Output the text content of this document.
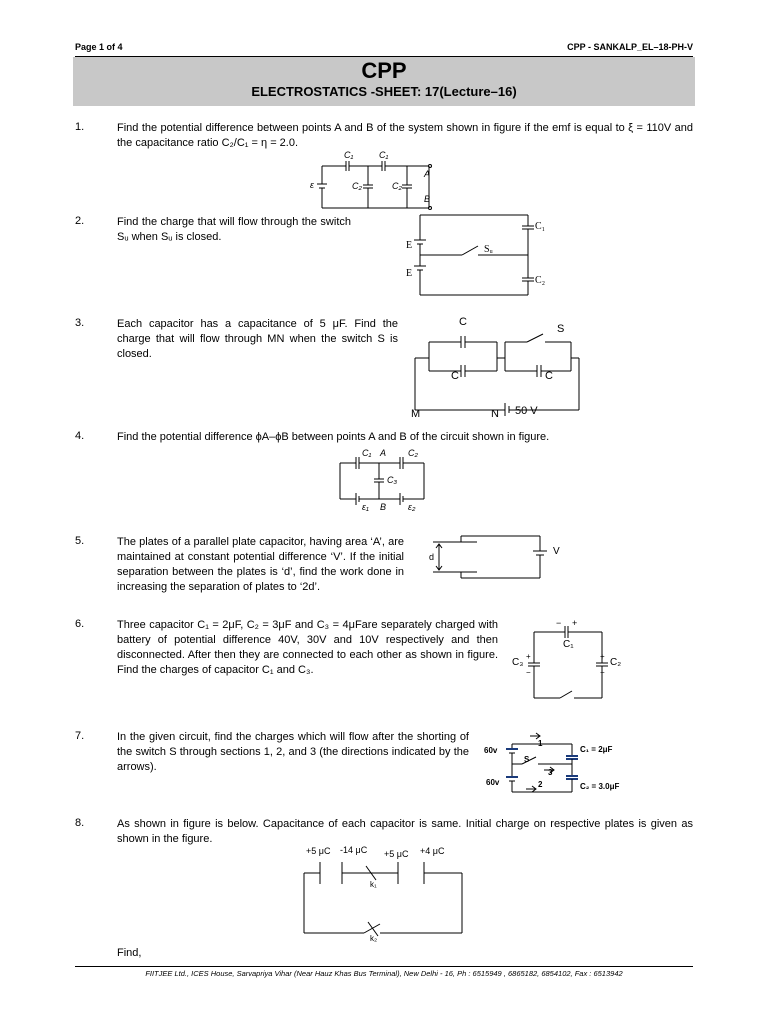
Page 1 of 4	CPP - SANKALP_EL–18-PH-V
CPP
ELECTROSTATICS -SHEET: 17(Lecture–16)
1.	Find the potential difference between points A and B of the system shown in figure if the emf is equal to ξ = 110V and the capacitance ratio C₂/C₁ = η = 2.0.
C₁	C₁
ε	C₂	C₂
A
B
2.	Find the charge that will flow through the switch Sᵤ when Sᵤ is closed.
C₁
C₂
E
E
Sᵤ
3.	Each capacitor has a capacitance of 5 μF. Find the charge that will flow through MN when the switch S is closed.
C
S
C	C
M	N 50 V
4.	Find the potential difference ϕA–ϕB between points A and B of the circuit shown in figure.
C₁ A C₂
C₃
ε₁ B ε₂
5.	The plates of a parallel plate capacitor, having area ‘A’, are maintained at constant potential difference ‘V’. If the initial separation between the plates is ‘d’, find the work done in increasing the separation of plates to ‘2d’.
d	V
6.	Three capacitor C₁ = 2μF, C₂ = 3μF and C₃ = 4μFare separately charged with battery of potential difference 40V, 30V and 10V respectively and then disconnected. After then they are connected to each other as shown in figure. Find the charges of capacitor C₁ and C₃.
− +
C₁
C₃	C₂
+
−
+
−
7.	In the given circuit, find the charges which will flow after the shorting of the switch S through sections 1, 2, and 3 (the directions indicated by the arrows).
60v
60v
1
2
3
S
C₁ = 2μF
C₂ = 3.0μF
8.	As shown in figure is below. Capacitance of each capacitor is same. Initial charge on respective plates is given as shown in the figure.
+5 μC -14 μC +5 μC +4 μC
k₁
k₂
Find,
FIITJEE Ltd., ICES House, Sarvapriya Vihar (Near Hauz Khas Bus Terminal), New Delhi - 16, Ph : 6515949 , 6865182, 6854102, Fax : 6513942
